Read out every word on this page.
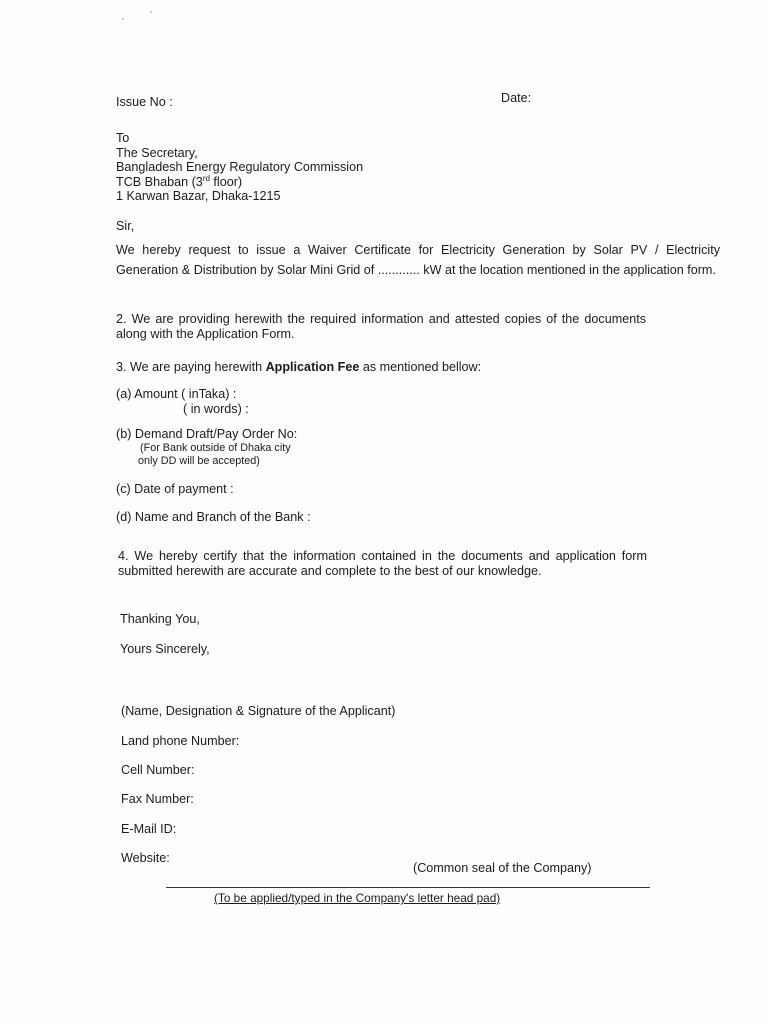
Issue No :	Date:
To
The Secretary,
Bangladesh Energy Regulatory Commission
TCB Bhaban (3rd floor)
1 Karwan Bazar, Dhaka-1215
Sir,
We hereby request to issue a Waiver Certificate for Electricity Generation by Solar PV / Electricity Generation & Distribution by Solar Mini Grid of ............ kW at the location mentioned in the application form.
2. We are providing herewith the required information and attested copies of the documents along with the Application Form.
3. We are paying herewith Application Fee as mentioned bellow:
(a) Amount ( inTaka) :
( in words) :
(b) Demand Draft/Pay Order No:
(For Bank outside of Dhaka city
only DD will be accepted)
(c) Date of payment :
(d) Name and Branch of the Bank :
4. We hereby certify that the information contained in the documents and application form submitted herewith are accurate and complete to the best of our knowledge.
Thanking You,
Yours Sincerely,
(Name, Designation & Signature of the Applicant)
Land phone Number:
Cell Number:
Fax Number:
E-Mail ID:
Website:
(Common seal of the Company)
(To be applied/typed in the Company's letter head pad)
